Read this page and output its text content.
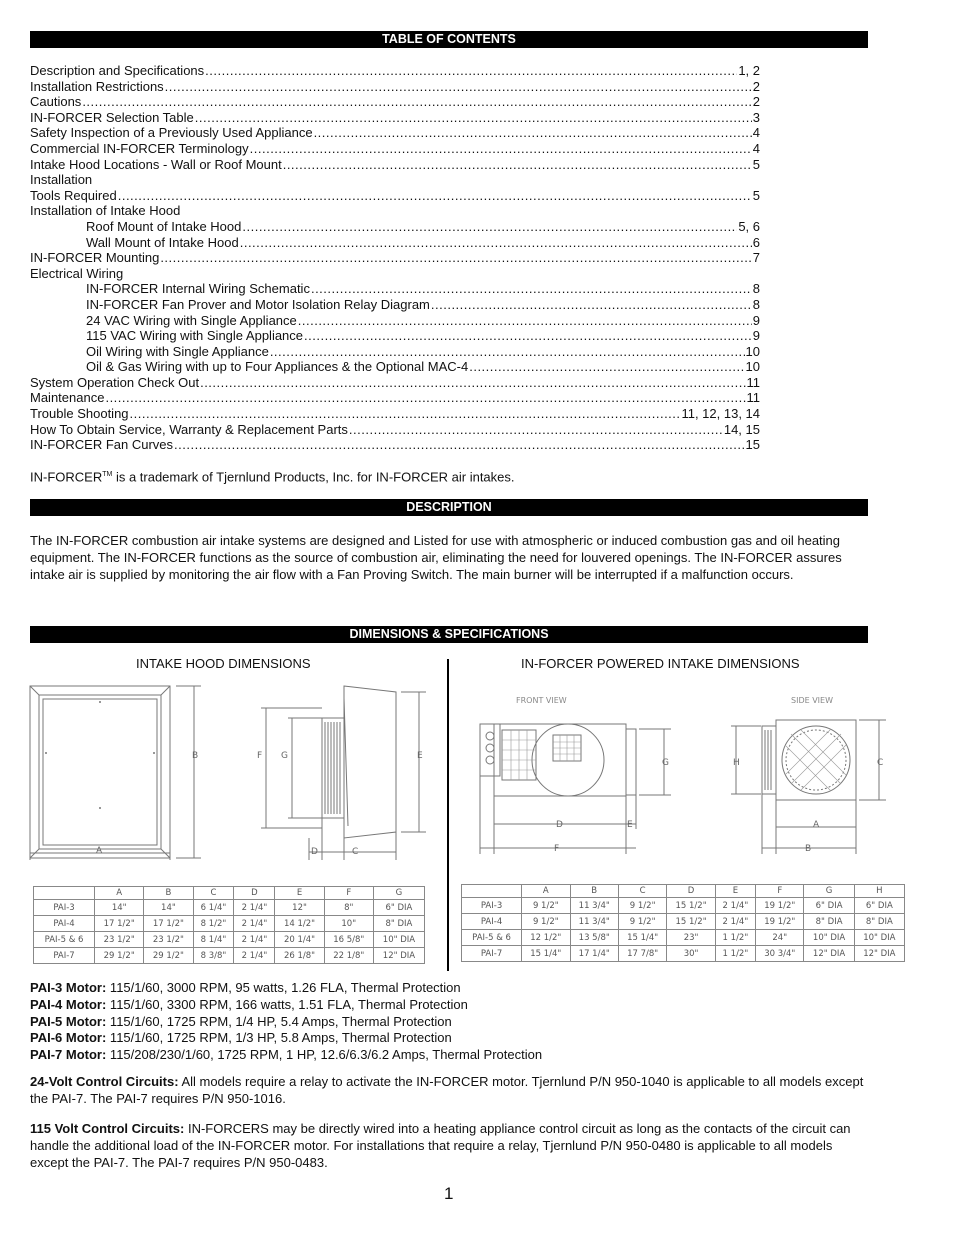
TABLE OF CONTENTS
DESCRIPTION
DIMENSIONS & SPECIFICATIONS
Description and Specifications .....	1, 2
Installation Restrictions .....	2
Cautions .....	2
IN-FORCER Selection Table .....	3
Safety Inspection of a Previously Used Appliance .....	4
Commercial IN-FORCER Terminology .....	4
Intake Hood Locations - Wall or Roof Mount .....	5
Installation
Tools Required .....	5
Installation of Intake Hood
Roof Mount of Intake Hood .....	5, 6
Wall Mount of Intake Hood .....	6
IN-FORCER Mounting .....	7
Electrical Wiring
IN-FORCER Internal Wiring Schematic .....	8
IN-FORCER Fan Prover and Motor Isolation Relay Diagram .....	8
24 VAC Wiring with Single Appliance .....	9
115 VAC Wiring with Single Appliance .....	9
Oil Wiring with Single Appliance .....	10
Oil & Gas Wiring with up to Four Appliances & the Optional MAC-4 .....	10
System Operation Check Out .....	11
Maintenance .....	11
Trouble Shooting .....	11, 12, 13, 14
How To Obtain Service, Warranty & Replacement Parts .....	14, 15
IN-FORCER Fan Curves .....	15
IN-FORCER™ is a trademark of Tjernlund Products, Inc. for IN-FORCER air intakes.
The IN-FORCER combustion air intake systems are designed and Listed for use with atmospheric or induced combustion gas and oil heating equipment. The IN-FORCER functions as the source of combustion air, eliminating the need for louvered openings. The IN-FORCER assures intake air is supplied by monitoring the air flow with a Fan Proving Switch. The main burner will be interrupted if a malfunction occurs.
INTAKE HOOD DIMENSIONS	IN-FORCER POWERED INTAKE DIMENSIONS
B
A
E
F G
D	C
FRONT VIEW	SIDE VIEW
G
D	E
F
H	C
A
B
	A	B	C	D	E	F	G
PAI-3	14"	14"	6 1/4"	2 1/4"	12"	8"	6" DIA
PAI-4	17 1/2"	17 1/2"	8 1/2"	2 1/4"	14 1/2"	10"	8" DIA
PAI-5 & 6	23 1/2"	23 1/2"	8 1/4"	2 1/4"	20 1/4"	16 5/8"	10" DIA
PAI-7	29 1/2"	29 1/2"	8 3/8"	2 1/4"	26 1/8"	22 1/8"	12" DIA
	A	B	C	D	E	F	G	H
PAI-3	9 1/2"	11 3/4"	9 1/2"	15 1/2"	2 1/4"	19 1/2"	6" DIA	6" DIA
PAI-4	9 1/2"	11 3/4"	9 1/2"	15 1/2"	2 1/4"	19 1/2"	8" DIA	8" DIA
PAI-5 & 6	12 1/2"	13 5/8"	15 1/4"	23"	1 1/2"	24"	10" DIA	10" DIA
PAI-7	15 1/4"	17 1/4"	17 7/8"	30"	1 1/2"	30 3/4"	12" DIA	12" DIA
PAI-3 Motor: 115/1/60, 3000 RPM, 95 watts, 1.26 FLA, Thermal Protection
PAI-4 Motor: 115/1/60, 3300 RPM, 166 watts, 1.51 FLA, Thermal Protection
PAI-5 Motor: 115/1/60, 1725 RPM, 1/4 HP, 5.4 Amps, Thermal Protection
PAI-6 Motor: 115/1/60, 1725 RPM, 1/3 HP, 5.8 Amps, Thermal Protection
PAI-7 Motor: 115/208/230/1/60, 1725 RPM, 1 HP, 12.6/6.3/6.2 Amps, Thermal Protection
24-Volt Control Circuits: All models require a relay to activate the IN-FORCER motor. Tjernlund P/N 950-1040 is applicable to all models except the PAI-7. The PAI-7 requires P/N 950-1016.
115 Volt Control Circuits: IN-FORCERS may be directly wired into a heating appliance control circuit as long as the contacts of the circuit can handle the additional load of the IN-FORCER motor. For installations that require a relay, Tjernlund P/N 950-0480 is applicable to all models except the PAI-7. The PAI-7 requires P/N 950-0483.
1
